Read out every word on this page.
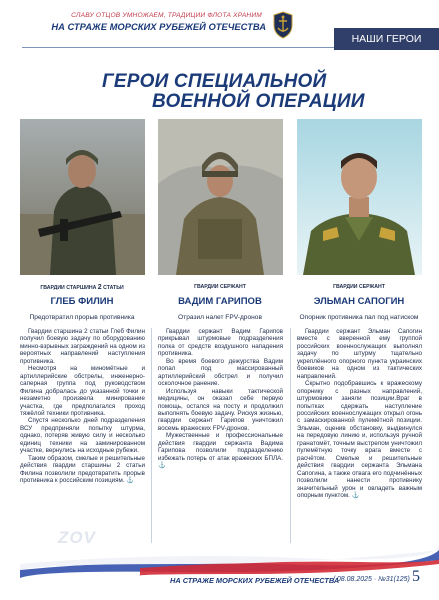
СЛАВУ ОТЦОВ УМНОЖАЕМ, ТРАДИЦИИ ФЛОТА ХРАНИМ
НА СТРАЖЕ МОРСКИХ РУБЕЖЕЙ ОТЕЧЕСТВА
НАШИ ГЕРОИ
ГЕРОИ СПЕЦИАЛЬНОЙ
ВОЕННОЙ ОПЕРАЦИИ
ГВАРДИИ СТАРШИНА 2 СТАТЬИ	ГВАРДИИ СЕРЖАНТ	ГВАРДИИ СЕРЖАНТ
ГЛЕБ ФИЛИН	ВАДИМ ГАРИПОВ	ЭЛЬМАН САПОГИН
Предотвратил прорыв противника	Отразил налет FPV-дронов	Опорник противника пал под натиском

Гвардии старшина 2 статьи Глеб Филин получил боевую задачу по оборудованию минно-взрывных заграждений на одном из вероятных направлений наступления противника.

Несмотря на миномётные и артиллерийские обстрелы, инженерно-саперная группа под руководством Филина добралась до указанной точки и незаметно произвела минирование участка, где предполагался проход тяжёлой техники противника.

Спустя несколько дней подразделения ВСУ предприняли попытку штурма, однако, потеряв живую силу и несколько единиц техники на заминированном участке, вернулись на исходные рубежи.

Таким образом, смелые и решительные действия гвардии старшины 2 статьи Филина позволили предотвратить прорыв противника к российским позициям. ⚓

Гвардии сержант Вадим Гарипов прикрывал штурмовые подразделения полка от средств воздушного нападения противника.

Во время боевого дежурства Вадим попал под массированный артиллерийский обстрел и получил осколочное ранение.

Используя навыки тактической медицины, он оказал себе первую помощь, остался на посту и продолжил выполнять боевую задачу. Рискуя жизнью, гвардии сержант Гарипов уничтожил восемь вражеских FPV-дронов.

Мужественные и профессиональные действия гвардии сержанта Вадима Гарипова позволили подразделению избежать потерь от атак вражеских БПЛА. ⚓

Гвардии сержант Эльман Сапогин вместе с вверенной ему группой российских военнослужащих выполнял задачу по штурму тщательно укреплённого опорного пункта украинских боевиков на одном из тактических направлений.

Скрытно подобравшись к вражескому опорнику с разных направлений, штурмовики заняли позиции.Враг в попытках сдержать наступление российских военнослужащих открыл огонь с замаскированной пулемётной позиции. Эльман, оценив обстановку, выдвинулся на передовую линию и, используя ручной гранатомёт, точным выстрелом уничтожил пулемётную точку врага вместе с расчётом. Смелые и решительные действия гвардии сержанта Эльмана Сапогина, а также отвага его подчинённых позволили нанести противнику значительный урон и овладеть важным опорным пунктом. ⚓

ZOV
НА СТРАЖЕ МОРСКИХ РУБЕЖЕЙ ОТЕЧЕСТВА
/ 08.08.2025 · №31(125) 5
